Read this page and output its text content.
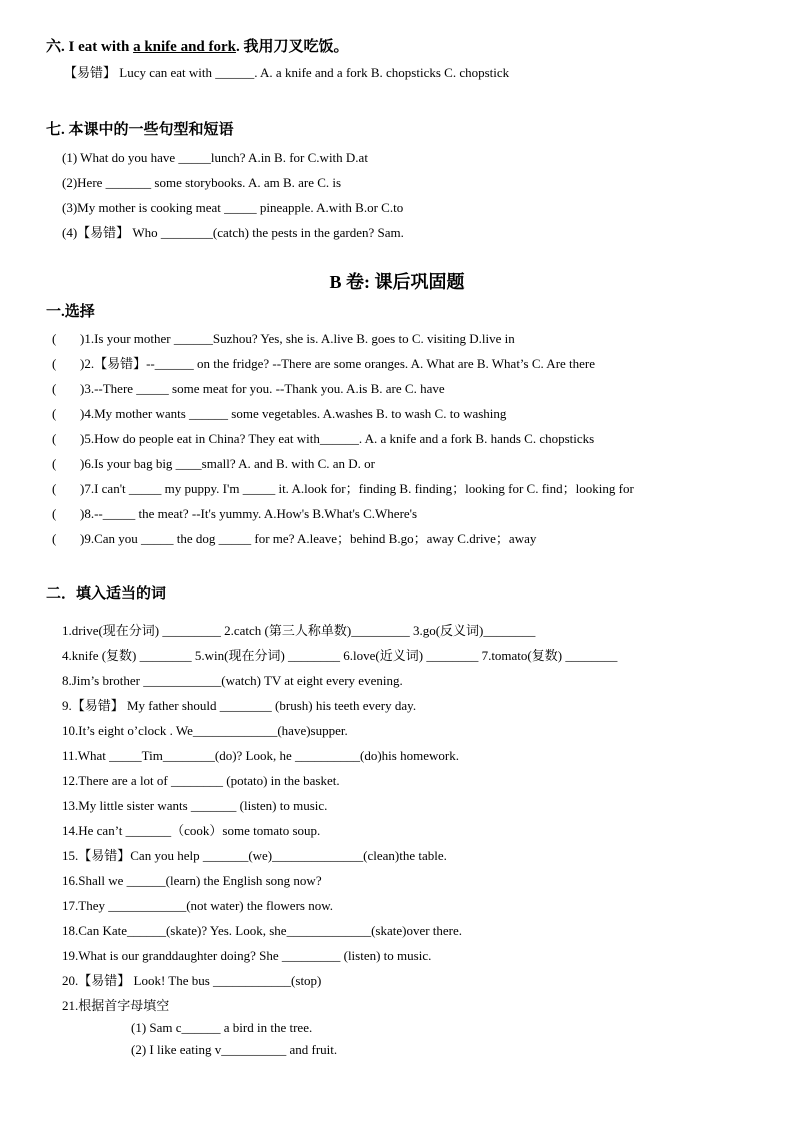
六. I eat with a knife and fork. 我用刀叉吃饭。
【易错】 Lucy can eat with ______. A. a knife and a fork B. chopsticks C. chopstick
七. 本课中的一些句型和短语
(1) What do you have _____lunch? A.in B. for C.with D.at
(2)Here _______ some storybooks. A. am B. are C. is
(3)My mother is cooking meat _____ pineapple. A.with B.or C.to
(4)【易错】 Who ________(catch) the pests in the garden? Sam.
B 卷: 课后巩固题
一.选择
( )1.Is your mother ______Suzhou? Yes, she is. A.live B. goes to C. visiting D.live in
( )2.【易错】--______ on the fridge? --There are some oranges. A. What are B. What’s C. Are there
( )3.--There _____ some meat for you. --Thank you. A.is B. are C. have
( )4.My mother wants ______ some vegetables. A.washes B. to wash C. to washing
( )5.How do people eat in China? They eat with______. A. a knife and a fork B. hands C. chopsticks
( )6.Is your bag big ____small? A. and B. with C. an D. or
( )7.I can't _____ my puppy. I'm _____ it. A.look for；finding B. finding；looking for C. find；looking for
( )8.--_____ the meat? --It's yummy. A.How's B.What's C.Where's
( )9.Can you _____ the dog _____ for me? A.leave；behind B.go；away C.drive；away
二．填入适当的词
1.drive(现在分词) _________ 2.catch (第三人称单数)_________ 3.go(反义词)________
4.knife (复数) ________ 5.win(现在分词) ________ 6.love(近义词) ________ 7.tomato(复数) ________
8.Jim’s brother ____________(watch) TV at eight every evening.
9.【易错】 My father should ________ (brush) his teeth every day.
10.It’s eight o’clock . We_____________(have)supper.
11.What _____Tim________(do)? Look, he __________(do)his homework.
12.There are a lot of ________ (potato) in the basket.
13.My little sister wants _______ (listen) to music.
14.He can’t _______（cook）some tomato soup.
15.【易错】Can you help _______(we)______________(clean)the table.
16.Shall we ______(learn) the English song now?
17.They ____________(not water) the flowers now.
18.Can Kate______(skate)? Yes. Look, she_____________(skate)over there.
19.What is our granddaughter doing? She _________ (listen) to music.
20.【易错】 Look! The bus ____________(stop)
21.根据首字母填空
(1) Sam c______ a bird in the tree.
(2) I like eating v__________ and fruit.
